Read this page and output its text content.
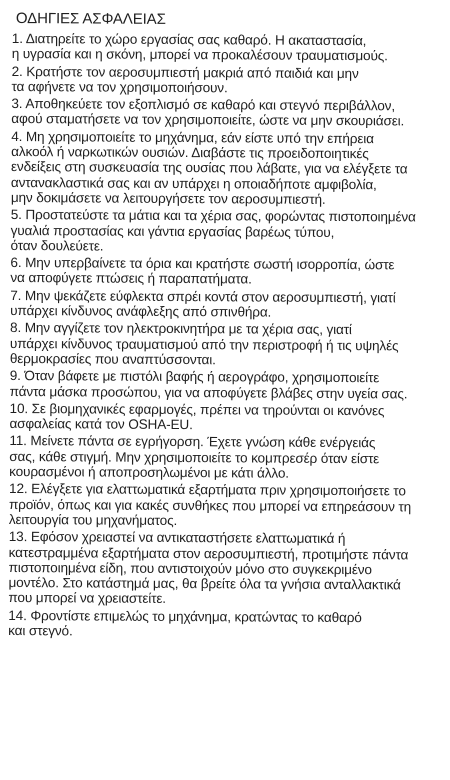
ΟΔΗΓΙΕΣ ΑΣΦΑΛΕΙΑΣ
1. Διατηρείτε το χώρο εργασίας σας καθαρό. Η ακαταστασία,
η υγρασία και η σκόνη, μπορεί να προκαλέσουν τραυματισμούς.
2. Κρατήστε τον αεροσυμπιεστή μακριά από παιδιά και μην
τα αφήνετε να τον χρησιμοποιήσουν.
3. Αποθηκεύετε τον εξοπλισμό σε καθαρό και στεγνό περιβάλλον,
αφού σταματήσετε να τον χρησιμοποιείτε, ώστε να μην σκουριάσει.
4. Μη χρησιμοποιείτε το μηχάνημα, εάν είστε υπό την επήρεια
αλκοόλ ή ναρκωτικών ουσιών. Διαβάστε τις προειδοποιητικές
ενδείξεις στη συσκευασία της ουσίας που λάβατε, για να ελέγξετε τα
αντανακλαστικά σας και αν υπάρχει η οποιαδήποτε αμφιβολία,
μην δοκιμάσετε να λειτουργήσετε τον αεροσυμπιεστή.
5. Προστατεύστε τα μάτια και τα χέρια σας, φορώντας πιστοποιημένα
γυαλιά προστασίας και γάντια εργασίας βαρέως τύπου,
όταν δουλεύετε.
6. Μην υπερβαίνετε τα όρια και κρατήστε σωστή ισορροπία, ώστε
να αποφύγετε πτώσεις ή παραπατήματα.
7. Μην ψεκάζετε εύφλεκτα σπρέι κοντά στον αεροσυμπιεστή, γιατί
υπάρχει κίνδυνος ανάφλεξης από σπινθήρα.
8. Μην αγγίζετε τον ηλεκτροκινητήρα με τα χέρια σας, γιατί
υπάρχει κίνδυνος τραυματισμού από την περιστροφή ή τις υψηλές
θερμοκρασίες που αναπτύσσονται.
9. Όταν βάφετε με πιστόλι βαφής ή αερογράφο, χρησιμοποιείτε
πάντα μάσκα προσώπου, για να αποφύγετε βλάβες στην υγεία σας.
10. Σε βιομηχανικές εφαρμογές, πρέπει να τηρούνται οι κανόνες
ασφαλείας κατά τον OSHA-EU.
11. Μείνετε πάντα σε εγρήγορση. Έχετε γνώση κάθε ενέργειάς
σας, κάθε στιγμή. Μην χρησιμοποιείτε το κομπρεσέρ όταν είστε
κουρασμένοι ή αποπροσηλωμένοι με κάτι άλλο.
12. Ελέγξετε για ελαττωματικά εξαρτήματα πριν χρησιμοποιήσετε το
προϊόν, όπως και για κακές συνθήκες που μπορεί να επηρεάσουν τη
λειτουργία του μηχανήματος.
13. Εφόσον χρειαστεί να αντικαταστήσετε ελαττωματικά ή
κατεστραμμένα εξαρτήματα στον αεροσυμπιεστή, προτιμήστε πάντα
πιστοποιημένα είδη, που αντιστοιχούν μόνο στο συγκεκριμένο
μοντέλο. Στο κατάστημά μας, θα βρείτε όλα τα γνήσια ανταλλακτικά
που μπορεί να χρειαστείτε.
14. Φροντίστε επιμελώς το μηχάνημα, κρατώντας το καθαρό
και στεγνό.
